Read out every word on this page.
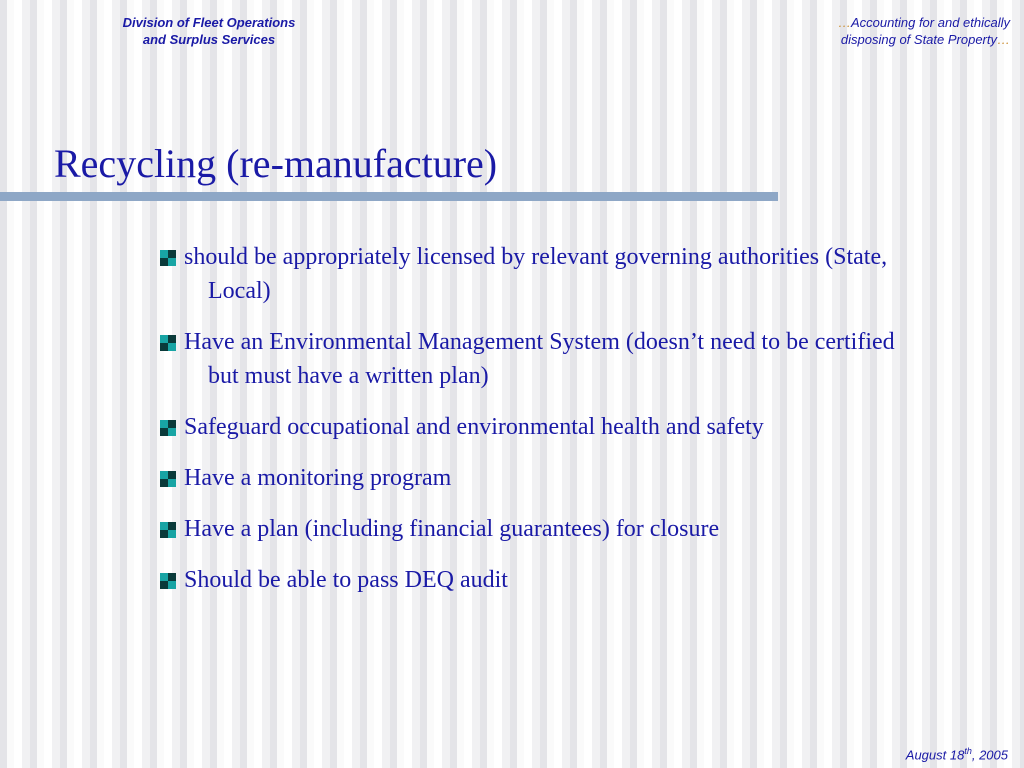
Division of Fleet Operations
and Surplus Services
…Accounting for and ethically
disposing of State Property…
Recycling (re-manufacture)
should be appropriately licensed by relevant governing authorities (State, Local)
Have an Environmental Management System (doesn’t need to be certified but must have a written plan)
Safeguard occupational and environmental health and safety
Have a monitoring program
Have a plan (including financial guarantees) for closure
Should be able to pass DEQ audit
August 18th, 2005
